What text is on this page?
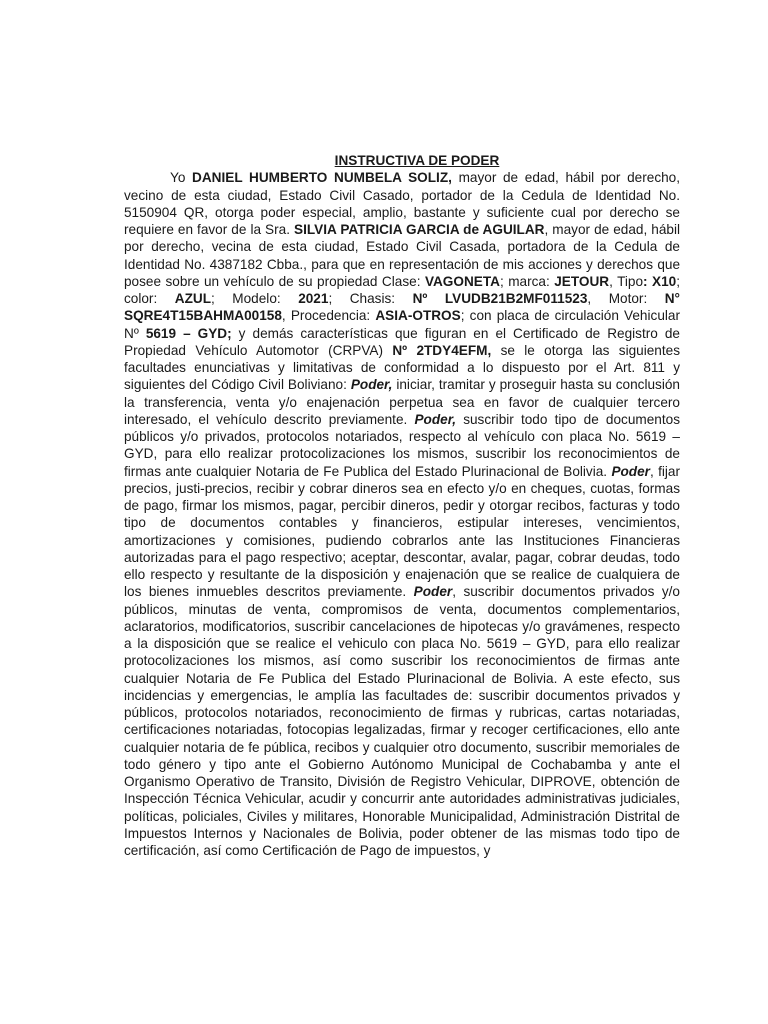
INSTRUCTIVA DE PODER

Yo DANIEL HUMBERTO NUMBELA SOLIZ, mayor de edad, hábil por derecho, vecino de esta ciudad, Estado Civil Casado, portador de la Cedula de Identidad No. 5150904 QR, otorga poder especial, amplio, bastante y suficiente cual por derecho se requiere en favor de la Sra. SILVIA PATRICIA GARCIA de AGUILAR, mayor de edad, hábil por derecho, vecina de esta ciudad, Estado Civil Casada, portadora de la Cedula de Identidad No. 4387182 Cbba., para que en representación de mis acciones y derechos que posee sobre un vehículo de su propiedad Clase: VAGONETA; marca: JETOUR, Tipo: X10; color: AZUL; Modelo: 2021; Chasis: Nº LVUDB21B2MF011523, Motor: N° SQRE4T15BAHMA00158, Procedencia: ASIA-OTROS; con placa de circulación Vehicular Nº 5619 – GYD; y demás características que figuran en el Certificado de Registro de Propiedad Vehículo Automotor (CRPVA) Nº 2TDY4EFM, se le otorga las siguientes facultades enunciativas y limitativas de conformidad a lo dispuesto por el Art. 811 y siguientes del Código Civil Boliviano: Poder, iniciar, tramitar y proseguir hasta su conclusión la transferencia, venta y/o enajenación perpetua sea en favor de cualquier tercero interesado, el vehículo descrito previamente. Poder, suscribir todo tipo de documentos públicos y/o privados, protocolos notariados, respecto al vehículo con placa No. 5619 – GYD, para ello realizar protocolizaciones los mismos, suscribir los reconocimientos de firmas ante cualquier Notaria de Fe Publica del Estado Plurinacional de Bolivia. Poder, fijar precios, justi-precios, recibir y cobrar dineros sea en efecto y/o en cheques, cuotas, formas de pago, firmar los mismos, pagar, percibir dineros, pedir y otorgar recibos, facturas y todo tipo de documentos contables y financieros, estipular intereses, vencimientos, amortizaciones y comisiones, pudiendo cobrarlos ante las Instituciones Financieras autorizadas para el pago respectivo; aceptar, descontar, avalar, pagar, cobrar deudas, todo ello respecto y resultante de la disposición y enajenación que se realice de cualquiera de los bienes inmuebles descritos previamente. Poder, suscribir documentos privados y/o públicos, minutas de venta, compromisos de venta, documentos complementarios, aclaratorios, modificatorios, suscribir cancelaciones de hipotecas y/o gravámenes, respecto a la disposición que se realice el vehiculo con placa No. 5619 – GYD, para ello realizar protocolizaciones los mismos, así como suscribir los reconocimientos de firmas ante cualquier Notaria de Fe Publica del Estado Plurinacional de Bolivia. A este efecto, sus incidencias y emergencias, le amplía las facultades de: suscribir documentos privados y públicos, protocolos notariados, reconocimiento de firmas y rubricas, cartas notariadas, certificaciones notariadas, fotocopias legalizadas, firmar y recoger certificaciones, ello ante cualquier notaria de fe pública, recibos y cualquier otro documento, suscribir memoriales de todo género y tipo ante el Gobierno Autónomo Municipal de Cochabamba y ante el Organismo Operativo de Transito, División de Registro Vehicular, DIPROVE, obtención de Inspección Técnica Vehicular, acudir y concurrir ante autoridades administrativas judiciales, políticas, policiales, Civiles y militares, Honorable Municipalidad, Administración Distrital de Impuestos Internos y Nacionales de Bolivia, poder obtener de las mismas todo tipo de certificación, así como Certificación de Pago de impuestos, y
